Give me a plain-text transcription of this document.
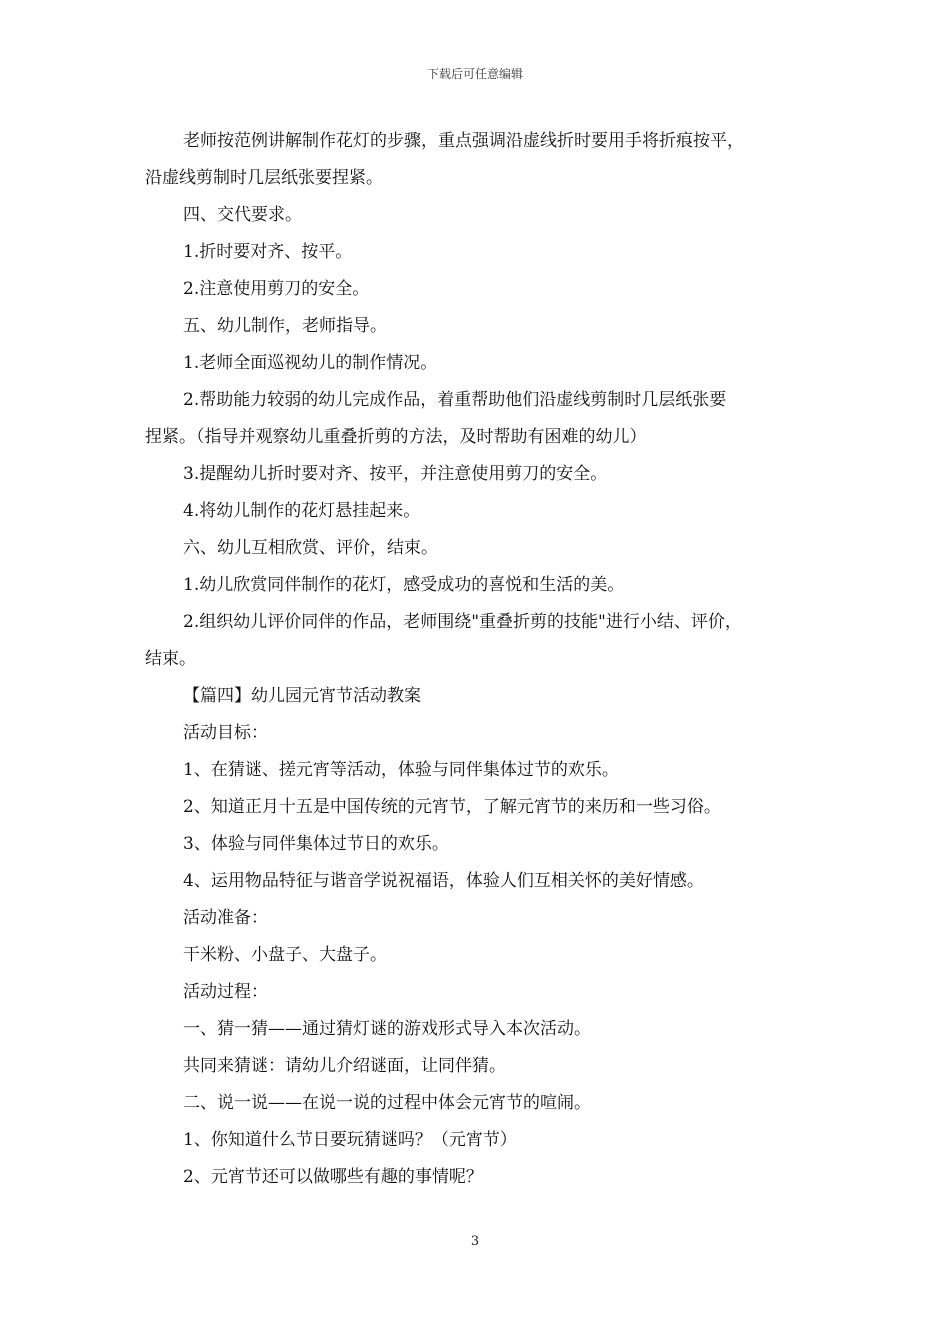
下载后可任意编辑

老师按范例讲解制作花灯的步骤，重点强调沿虚线折时要用手将折痕按平，

沿虚线剪制时几层纸张要捏紧。

四、交代要求。

1.折时要对齐、按平。

2.注意使用剪刀的安全。

五、幼儿制作，老师指导。

1.老师全面巡视幼儿的制作情况。

2.帮助能力较弱的幼儿完成作品，着重帮助他们沿虚线剪制时几层纸张要

捏紧。（指导并观察幼儿重叠折剪的方法，及时帮助有困难的幼儿）

3.提醒幼儿折时要对齐、按平，并注意使用剪刀的安全。

4.将幼儿制作的花灯悬挂起来。

六、幼儿互相欣赏、评价，结束。

1.幼儿欣赏同伴制作的花灯，感受成功的喜悦和生活的美。

2.组织幼儿评价同伴的作品，老师围绕"重叠折剪的技能"进行小结、评价，

结束。

【篇四】幼儿园元宵节活动教案

活动目标：

1、在猜谜、搓元宵等活动，体验与同伴集体过节的欢乐。

2、知道正月十五是中国传统的元宵节，了解元宵节的来历和一些习俗。

3、体验与同伴集体过节日的欢乐。

4、运用物品特征与谐音学说祝福语，体验人们互相关怀的美好情感。

活动准备：

干米粉、小盘子、大盘子。

活动过程：

一、猜一猜——通过猜灯谜的游戏形式导入本次活动。

共同来猜谜：请幼儿介绍谜面，让同伴猜。

二、说一说——在说一说的过程中体会元宵节的喧闹。

1、你知道什么节日要玩猜谜吗？（元宵节）

2、元宵节还可以做哪些有趣的事情呢？

3
